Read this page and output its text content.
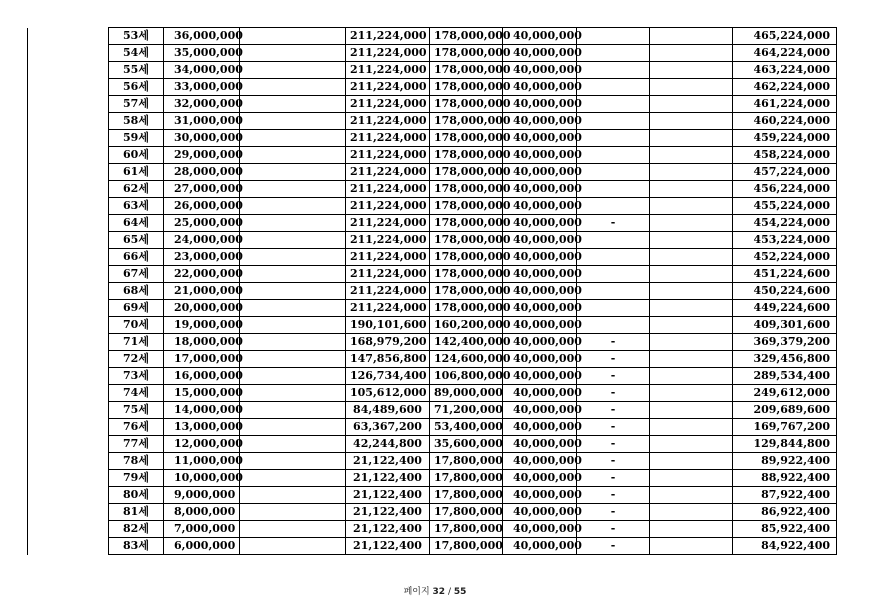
	53세	36,000,000		211,224,000	178,000,000	40,000,000			465,224,000
	54세	35,000,000		211,224,000	178,000,000	40,000,000			464,224,000
	55세	34,000,000		211,224,000	178,000,000	40,000,000			463,224,000
	56세	33,000,000		211,224,000	178,000,000	40,000,000			462,224,000
	57세	32,000,000		211,224,000	178,000,000	40,000,000			461,224,000
	58세	31,000,000		211,224,000	178,000,000	40,000,000			460,224,000
	59세	30,000,000		211,224,000	178,000,000	40,000,000			459,224,000
	60세	29,000,000		211,224,000	178,000,000	40,000,000			458,224,000
	61세	28,000,000		211,224,000	178,000,000	40,000,000			457,224,000
	62세	27,000,000		211,224,000	178,000,000	40,000,000			456,224,000
	63세	26,000,000		211,224,000	178,000,000	40,000,000			455,224,000
	64세	25,000,000		211,224,000	178,000,000	40,000,000	-		454,224,000
	65세	24,000,000		211,224,000	178,000,000	40,000,000			453,224,000
	66세	23,000,000		211,224,000	178,000,000	40,000,000			452,224,000
	67세	22,000,000		211,224,000	178,000,000	40,000,000			451,224,600
	68세	21,000,000		211,224,000	178,000,000	40,000,000			450,224,600
	69세	20,000,000		211,224,000	178,000,000	40,000,000			449,224,600
	70세	19,000,000		190,101,600	160,200,000	40,000,000			409,301,600
	71세	18,000,000		168,979,200	142,400,000	40,000,000	-		369,379,200
	72세	17,000,000		147,856,800	124,600,000	40,000,000	-		329,456,800
	73세	16,000,000		126,734,400	106,800,000	40,000,000	-		289,534,400
	74세	15,000,000		105,612,000	89,000,000	40,000,000	-		249,612,000
	75세	14,000,000		84,489,600	71,200,000	40,000,000	-		209,689,600
	76세	13,000,000		63,367,200	53,400,000	40,000,000	-		169,767,200
	77세	12,000,000		42,244,800	35,600,000	40,000,000	-		129,844,800
	78세	11,000,000		21,122,400	17,800,000	40,000,000	-		89,922,400
	79세	10,000,000		21,122,400	17,800,000	40,000,000	-		88,922,400
	80세	9,000,000		21,122,400	17,800,000	40,000,000	-		87,922,400
	81세	8,000,000		21,122,400	17,800,000	40,000,000	-		86,922,400
	82세	7,000,000		21,122,400	17,800,000	40,000,000	-		85,922,400
	83세	6,000,000		21,122,400	17,800,000	40,000,000	-		84,922,400
페이지 32 / 55
